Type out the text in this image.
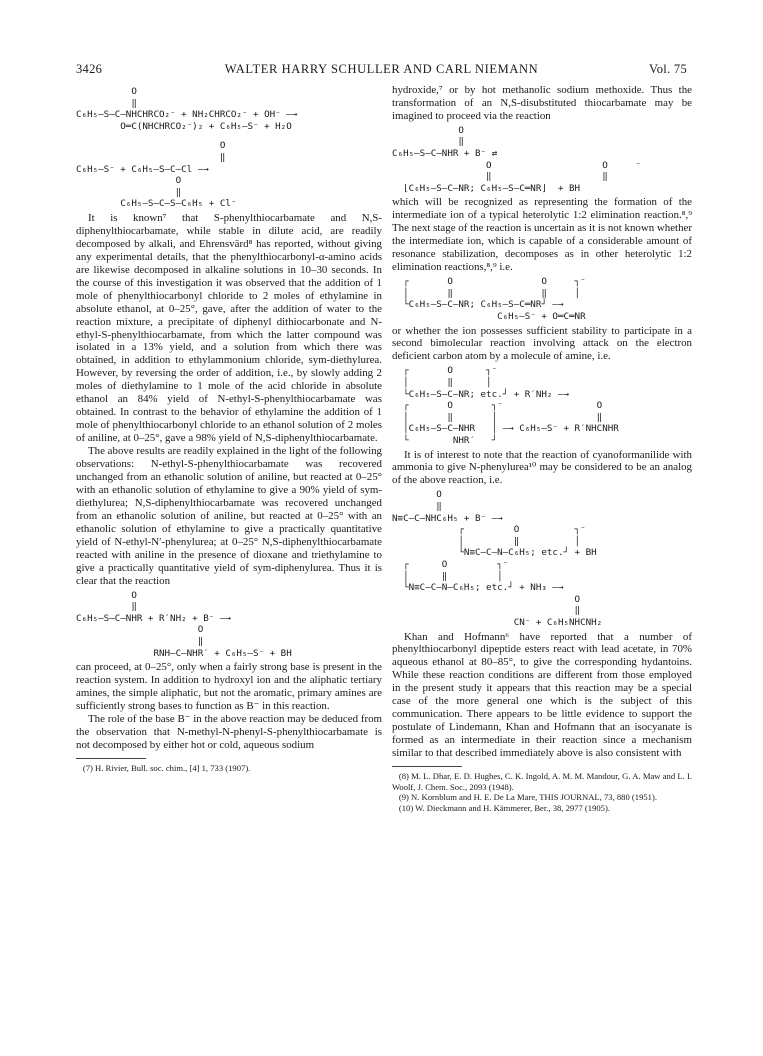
3426	WALTER HARRY SCHULLER AND CARL NIEMANN	Vol. 75
O
‖
C₆H₅—S—C—NHCHRCO₂⁻ + NH₂CHRCO₂⁻ + OH⁻ —→
O═C(NHCHRCO₂⁻)₂ + C₆H₅—S⁻ + H₂O
O
‖
C₆H₅—S⁻ + C₆H₅—S—C—Cl —→
O
‖
C₆H₅—S—C—S—C₆H₅ + Cl⁻

It is known⁷ that S-phenylthiocarbamate and N,S-diphenylthiocarbamate, while stable in dilute acid, are readily decomposed by alkali, and Ehrensvärd⁸ has reported, without giving any experimental details, that the phenylthiocarbonyl-α-amino acids are likewise decomposed in alkaline solutions in 10–30 seconds. In the course of this investigation it was observed that the addition of 1 mole of phenylthiocarbonyl chloride to 2 moles of ethylamine in absolute ethanol, at 0–25°, gave, after the addition of water to the reaction mixture, a precipitate of diphenyl dithiocarbonate and N-ethyl-S-phenylthiocarbamate, from which the latter compound was isolated in a 13% yield, and a solution from which there was obtained, in addition to ethylammonium chloride, sym-diethylurea. However, by reversing the order of addition, i.e., by slowly adding 2 moles of diethylamine to 1 mole of the acid chloride in absolute ethanol an 84% yield of N-ethyl-S-phenylthiocarbamate was obtained. In contrast to the behavior of ethylamine the addition of 1 mole of phenylthiocarbonyl chloride to an ethanol solution of 2 moles of aniline, at 0–25°, gave a 98% yield of N,S-diphenylthiocarbamate.

The above results are readily explained in the light of the following observations: N-ethyl-S-phenylthiocarbamate was recovered unchanged from an ethanolic solution of aniline, but reacted at 0–25° with an ethanolic solution of ethylamine to give a 90% yield of sym-diethylurea; N,S-diphenylthiocarbamate was recovered unchanged from an ethanolic solution of aniline, but reacted at 0–25° with an ethanolic solution of ethylamine to give a practically quantitative yield of N-ethyl-N′-phenylurea; at 0–25° N,S-diphenylthiocarbamate reacted with aniline in the presence of dioxane and triethylamine to give a practically quantitative yield of sym-diphenylurea. Thus it is clear that the reaction

O
‖
C₆H₅—S—C—NHR + R′NH₂ + B⁻ —→
O
‖
RNH—C—NHR′ + C₆H₅—S⁻ + BH

can proceed, at 0–25°, only when a fairly strong base is present in the reaction system. In addition to hydroxyl ion and the aliphatic tertiary amines, the simple aliphatic, but not the aromatic, primary amines are sufficiently strong bases to function as B⁻ in this reaction.

The role of the base B⁻ in the above reaction may be deduced from the observation that N-methyl-N-phenyl-S-phenylthiocarbamate is not decomposed by either hot or cold, aqueous sodium

(7) H. Rivier, Bull. soc. chim., [4] 1, 733 (1907).

hydroxide,⁷ or by hot methanolic sodium methoxide. Thus the transformation of an N,S-disubstituted thiocarbamate may be imagined to proceed via the reaction

O
‖
C₆H₅—S—C—NHR + B⁻ ⇄
O                    O     ⁻
‖                    ‖
⌊C₆H₅—S—C—NR; C₆H₅—S—C═NR⌋  + BH

which will be recognized as representing the formation of the intermediate ion of a typical heterolytic 1:2 elimination reaction.⁸,⁹ The next stage of the reaction is uncertain as it is not known whether the intermediate ion, which is capable of a considerable amount of resonance stabilization, decomposes as in other heterolytic 1:2 elimination reactions,⁸,⁹ i.e.

┌       O                O     ┐⁻
│       ‖                ‖     │
└C₆H₅—S—C—NR; C₆H₅—S—C═NR┘ —→
C₆H₅—S⁻ + O═C═NR

or whether the ion possesses sufficient stability to participate in a second bimolecular reaction involving attack on the electron deficient carbon atom by a molecule of amine, i.e.

┌       O      ┐⁻
│       ‖      │
└C₆H₅—S—C—NR; etc.┘ + R′NH₂ —→
┌       O       ┐⁻                 O
│       ‖       │                  ‖
│C₆H₅—S—C—NHR   │ —→ C₆H₅—S⁻ + R′NHCNHR
└        NHR′   ┘

It is of interest to note that the reaction of cyanoformanilide with ammonia to give N-phenylurea¹⁰ may be considered to be an analog of the above reaction, i.e.

O
‖
N≡C—C—NHC₆H₅ + B⁻ —→
┌         O          ┐⁻
│         ‖          │
└N≡C—C—N—C₆H₅; etc.┘ + BH
┌      O         ┐⁻
│      ‖         │
└N≡C—C—N—C₆H₅; etc.┘ + NH₃ —→
O
‖
CN⁻ + C₆H₅NHCNH₂

Khan and Hofmann⁶ have reported that a number of phenylthiocarbonyl dipeptide esters react with lead acetate, in 70% aqueous ethanol at 80–85°, to give the corresponding hydantoins. While these reaction conditions are different from those employed in the present study it appears that this reaction may be a special case of the more general one which is the subject of this communication. There appears to be little evidence to support the postulate of Lindemann, Khan and Hofmann that an isocyanate is formed as an intermediate in their reaction since a mechanism similar to that described immediately above is also consistent with

(8) M. L. Dhar, E. D. Hughes, C. K. Ingold, A. M. M. Mandour, G. A. Maw and L. I. Woolf, J. Chem. Soc., 2093 (1948).
(9) N. Kornblum and H. E. De La Mare, THIS JOURNAL, 73, 880 (1951).
(10) W. Dieckmann and H. Kämmerer, Ber., 38, 2977 (1905).
